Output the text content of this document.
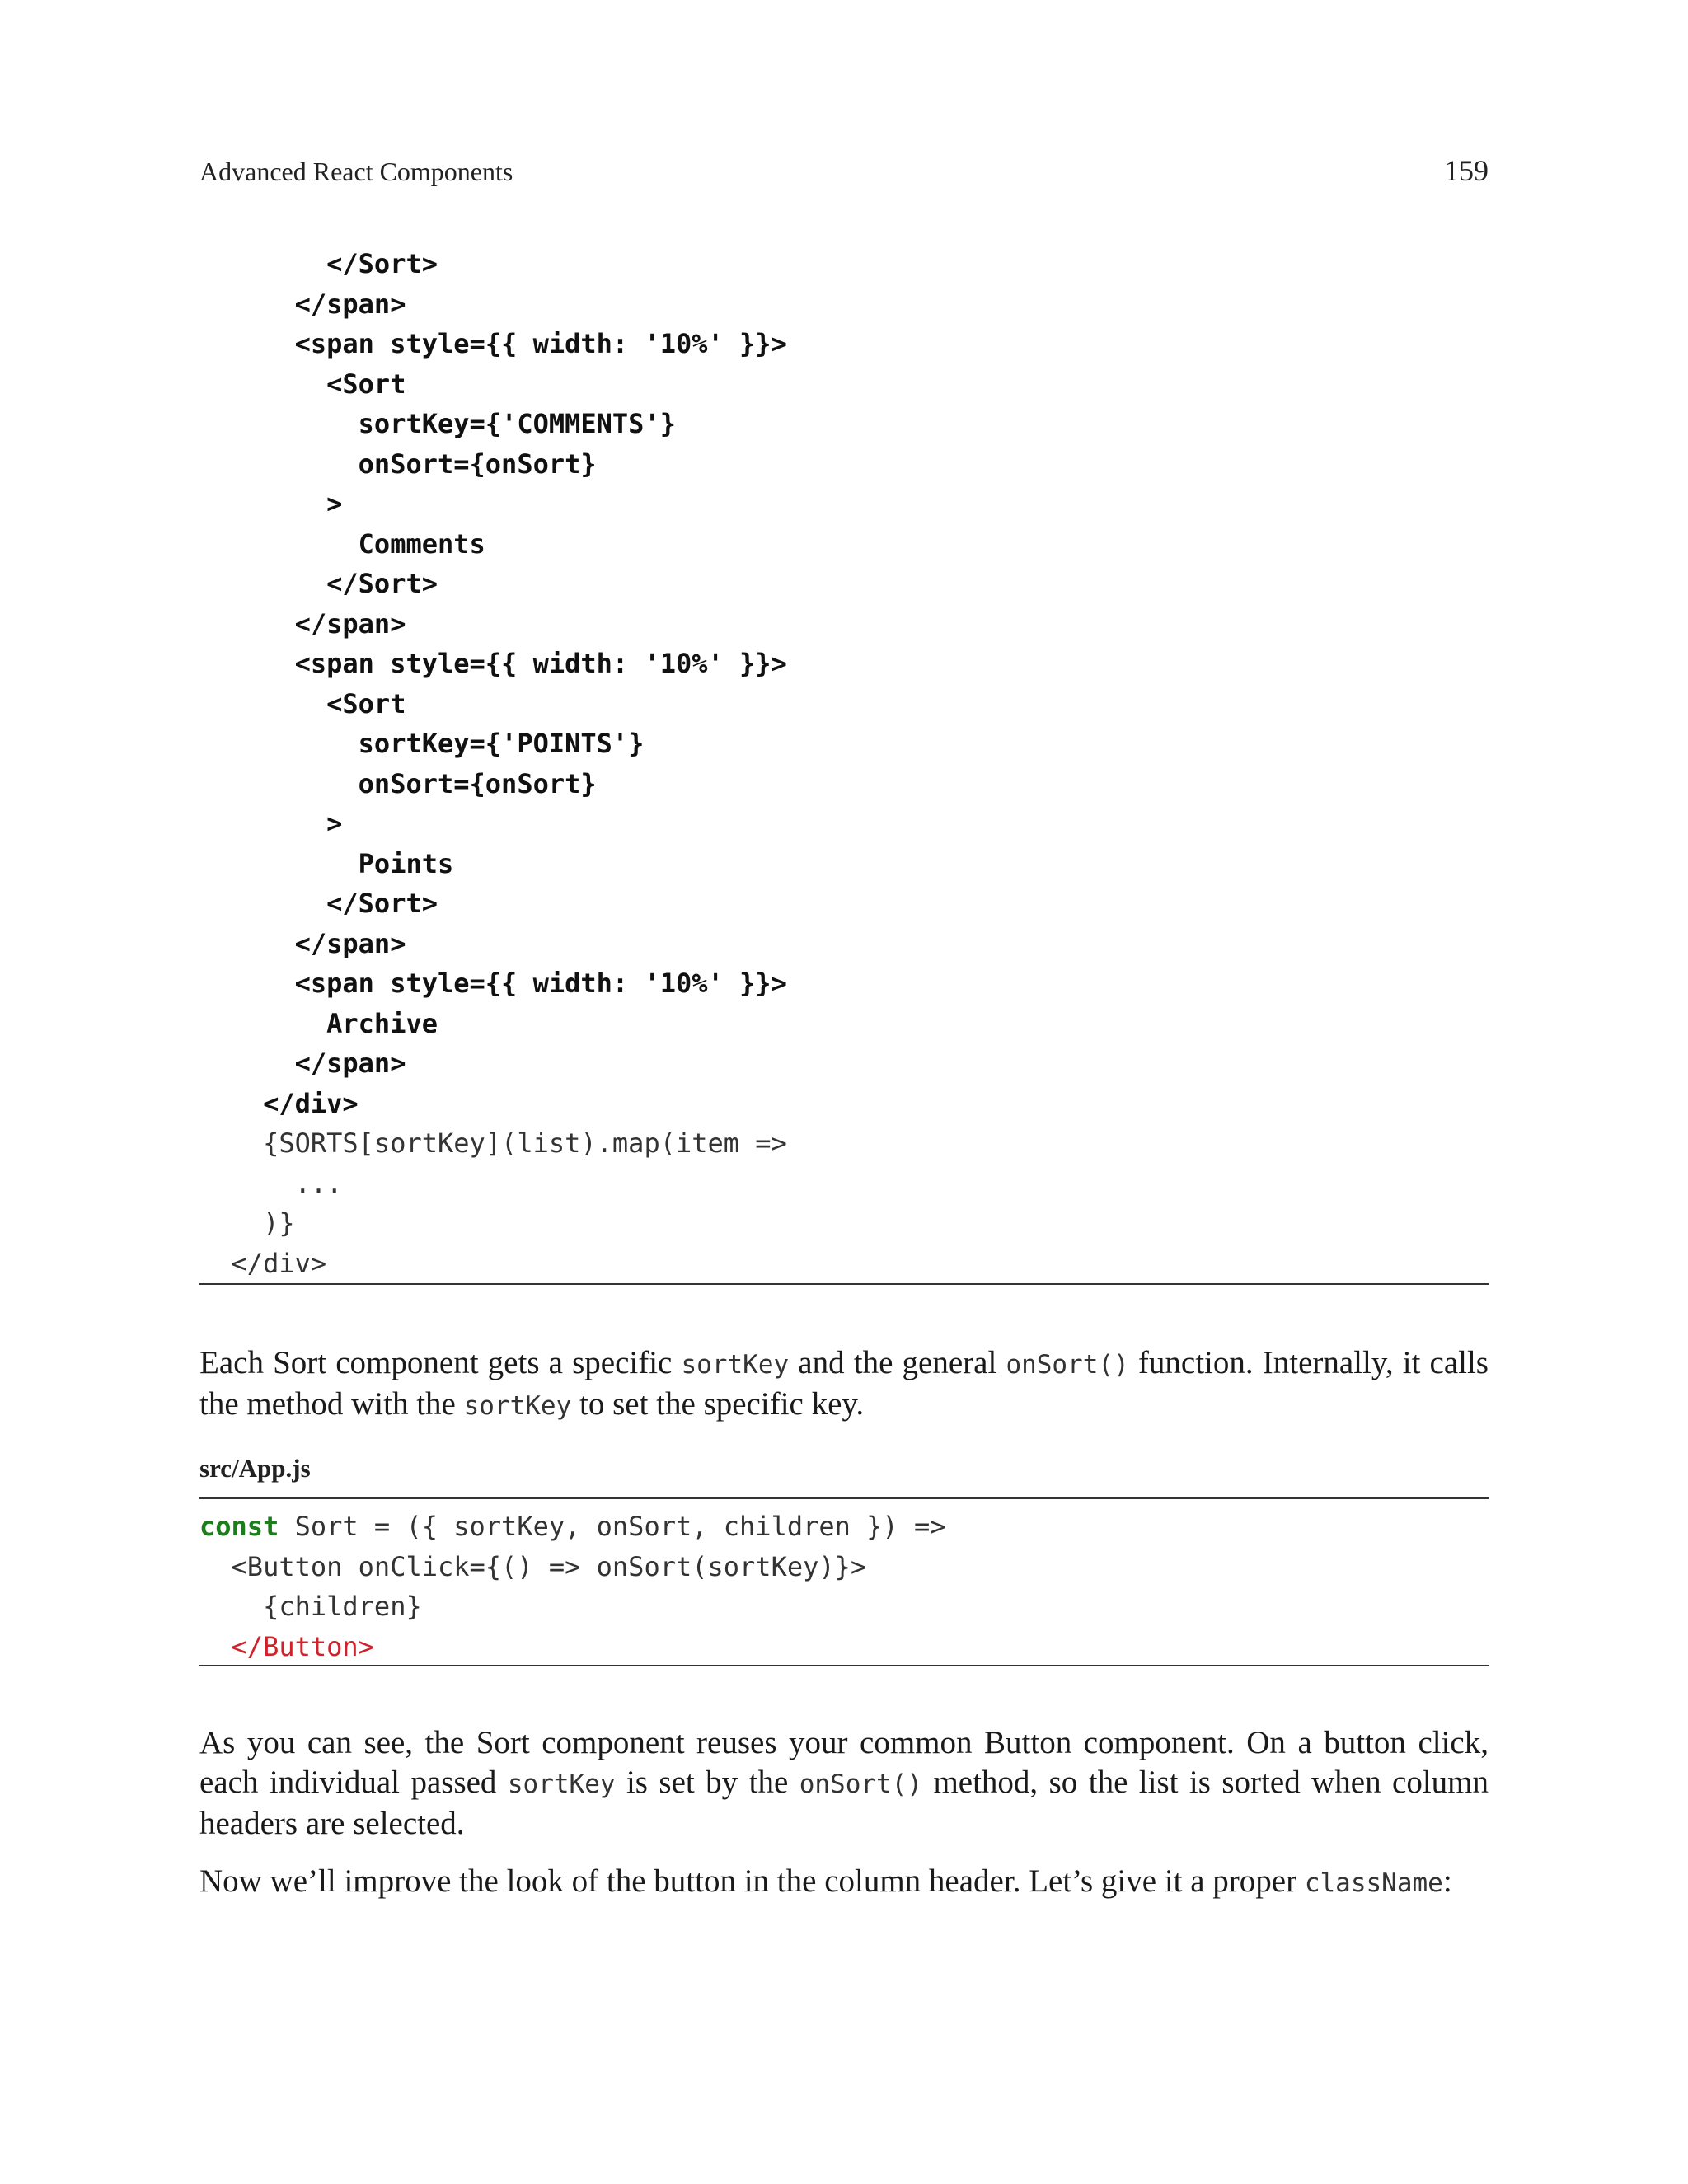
Advanced React Components	159
</Sort>
</span>
<span style={{ width: '10%' }}>
<Sort
sortKey={'COMMENTS'}
onSort={onSort}
>
Comments
</Sort>
</span>
<span style={{ width: '10%' }}>
<Sort
sortKey={'POINTS'}
onSort={onSort}
>
Points
</Sort>
</span>
<span style={{ width: '10%' }}>
Archive
</span>
</div>
{SORTS[sortKey](list).map(item =>
...
)}
</div>

Each Sort component gets a specific sortKey and the general onSort() function. Internally, it calls the method with the sortKey to set the specific key.

src/App.js
const Sort = ({ sortKey, onSort, children }) =>
<Button onClick={() => onSort(sortKey)}>
{children}
</Button>

As you can see, the Sort component reuses your common Button component. On a button click, each individual passed sortKey is set by the onSort() method, so the list is sorted when column headers are selected.

Now we’ll improve the look of the button in the column header. Let’s give it a proper className:
